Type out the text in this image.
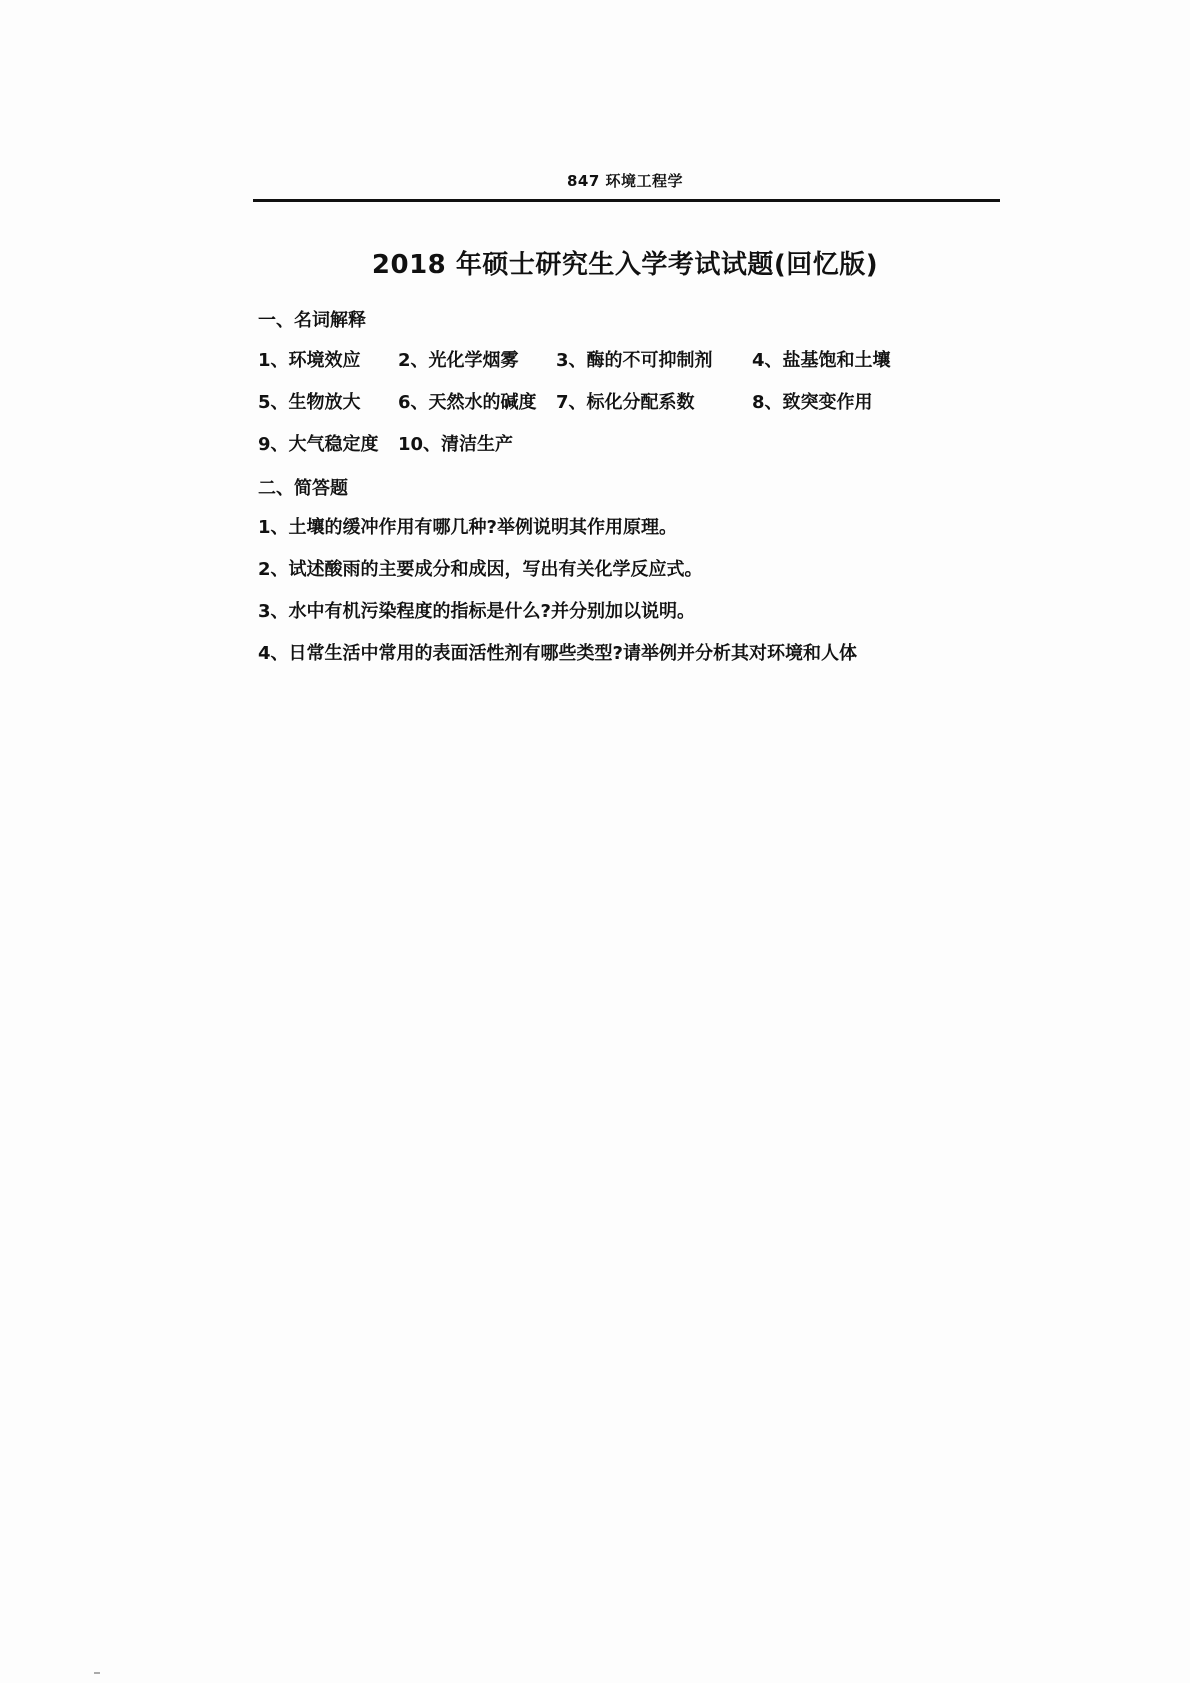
847 环境工程学
2018 年硕士研究生入学考试试题(回忆版)
一、名词解释
1、环境效应 2、光化学烟雾 3、酶的不可抑制剂 4、盐基饱和土壤
5、生物放大 6、天然水的碱度 7、标化分配系数	8、致突变作用
9、大气稳定度 10、清洁生产
二、简答题
1、土壤的缓冲作用有哪几种?举例说明其作用原理。
2、试述酸雨的主要成分和成因，写出有关化学反应式。
3、水中有机污染程度的指标是什么?并分别加以说明。
4、日常生活中常用的表面活性剂有哪些类型?请举例并分析其对环境和人体
